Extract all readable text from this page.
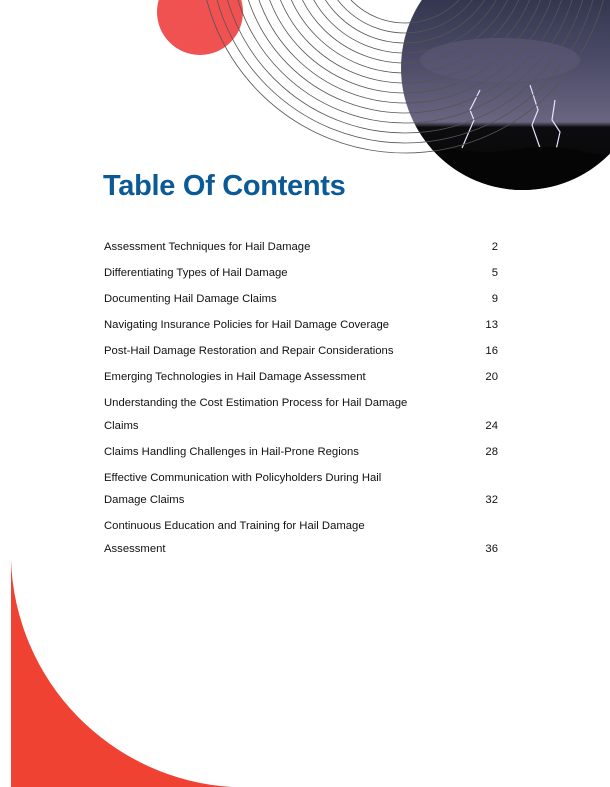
Table Of Contents
Assessment Techniques for Hail Damage	2
Differentiating Types of Hail Damage	5
Documenting Hail Damage Claims	9
Navigating Insurance Policies for Hail Damage Coverage	13
Post-Hail Damage Restoration and Repair Considerations	16
Emerging Technologies in Hail Damage Assessment	20
Understanding the Cost Estimation Process for Hail Damage Claims	24
Claims Handling Challenges in Hail-Prone Regions	28
Effective Communication with Policyholders During Hail Damage Claims	32
Continuous Education and Training for Hail Damage Assessment	36
